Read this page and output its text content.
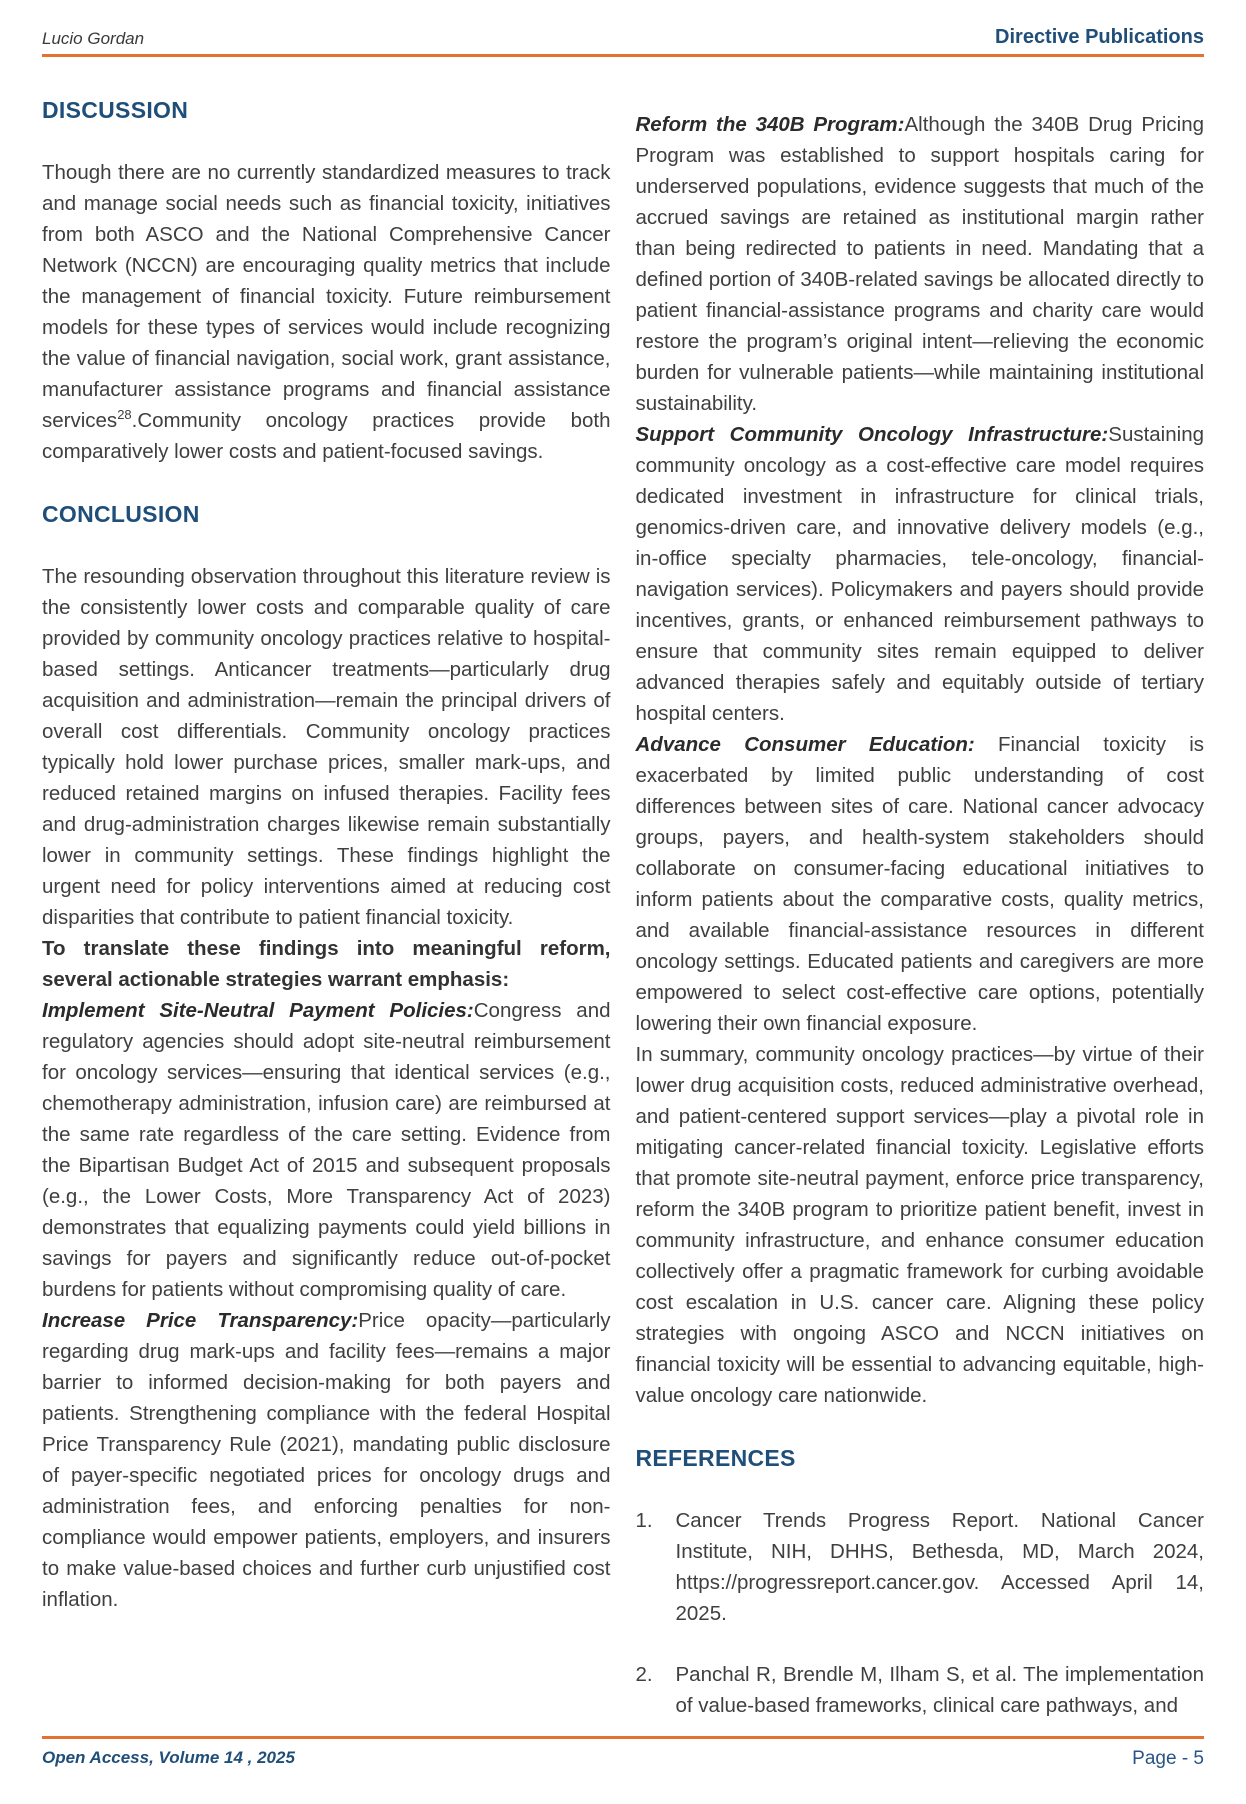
Lucio Gordan	Directive Publications
DISCUSSION

Though there are no currently standardized measures to track and manage social needs such as financial toxicity, initiatives from both ASCO and the National Comprehensive Cancer Network (NCCN) are encouraging quality metrics that include the management of financial toxicity. Future reimbursement models for these types of services would include recognizing the value of financial navigation, social work, grant assistance, manufacturer assistance programs and financial assistance services$^{28}$.Community oncology practices provide both comparatively lower costs and patient-focused savings.

CONCLUSION

The resounding observation throughout this literature review is the consistently lower costs and comparable quality of care provided by community oncology practices relative to hospital-based settings. Anticancer treatments—particularly drug acquisition and administration—remain the principal drivers of overall cost differentials. Community oncology practices typically hold lower purchase prices, smaller mark-ups, and reduced retained margins on infused therapies. Facility fees and drug-administration charges likewise remain substantially lower in community settings. These findings highlight the urgent need for policy interventions aimed at reducing cost disparities that contribute to patient financial toxicity.

To translate these findings into meaningful reform, several actionable strategies warrant emphasis:

Implement Site-Neutral Payment Policies:Congress and regulatory agencies should adopt site-neutral reimbursement for oncology services—ensuring that identical services (e.g., chemotherapy administration, infusion care) are reimbursed at the same rate regardless of the care setting. Evidence from the Bipartisan Budget Act of 2015 and subsequent proposals (e.g., the Lower Costs, More Transparency Act of 2023) demonstrates that equalizing payments could yield billions in savings for payers and significantly reduce out-of-pocket burdens for patients without compromising quality of care.

Increase Price Transparency:Price opacity—particularly regarding drug mark-ups and facility fees—remains a major barrier to informed decision-making for both payers and patients. Strengthening compliance with the federal Hospital Price Transparency Rule (2021), mandating public disclosure of payer-specific negotiated prices for oncology drugs and administration fees, and enforcing penalties for non-compliance would empower patients, employers, and insurers to make value-based choices and further curb unjustified cost inflation.

Reform the 340B Program:Although the 340B Drug Pricing Program was established to support hospitals caring for underserved populations, evidence suggests that much of the accrued savings are retained as institutional margin rather than being redirected to patients in need. Mandating that a defined portion of 340B-related savings be allocated directly to patient financial-assistance programs and charity care would restore the program’s original intent—relieving the economic burden for vulnerable patients—while maintaining institutional sustainability.

Support Community Oncology Infrastructure:Sustaining community oncology as a cost-effective care model requires dedicated investment in infrastructure for clinical trials, genomics-driven care, and innovative delivery models (e.g., in-office specialty pharmacies, tele-oncology, financial-navigation services). Policymakers and payers should provide incentives, grants, or enhanced reimbursement pathways to ensure that community sites remain equipped to deliver advanced therapies safely and equitably outside of tertiary hospital centers.

Advance Consumer Education: Financial toxicity is exacerbated by limited public understanding of cost differences between sites of care. National cancer advocacy groups, payers, and health-system stakeholders should collaborate on consumer-facing educational initiatives to inform patients about the comparative costs, quality metrics, and available financial-assistance resources in different oncology settings. Educated patients and caregivers are more empowered to select cost-effective care options, potentially lowering their own financial exposure.

In summary, community oncology practices—by virtue of their lower drug acquisition costs, reduced administrative overhead, and patient-centered support services—play a pivotal role in mitigating cancer-related financial toxicity. Legislative efforts that promote site-neutral payment, enforce price transparency, reform the 340B program to prioritize patient benefit, invest in community infrastructure, and enhance consumer education collectively offer a pragmatic framework for curbing avoidable cost escalation in U.S. cancer care. Aligning these policy strategies with ongoing ASCO and NCCN initiatives on financial toxicity will be essential to advancing equitable, high-value oncology care nationwide.

REFERENCES
1.	Cancer Trends Progress Report. National Cancer Institute, NIH, DHHS, Bethesda, MD, March 2024, https://progressreport.cancer.gov. Accessed April 14, 2025.
2.	Panchal R, Brendle M, Ilham S, et al. The implementation of value-based frameworks, clinical care pathways, and
Open Access, Volume 14 , 2025	Page - 5
